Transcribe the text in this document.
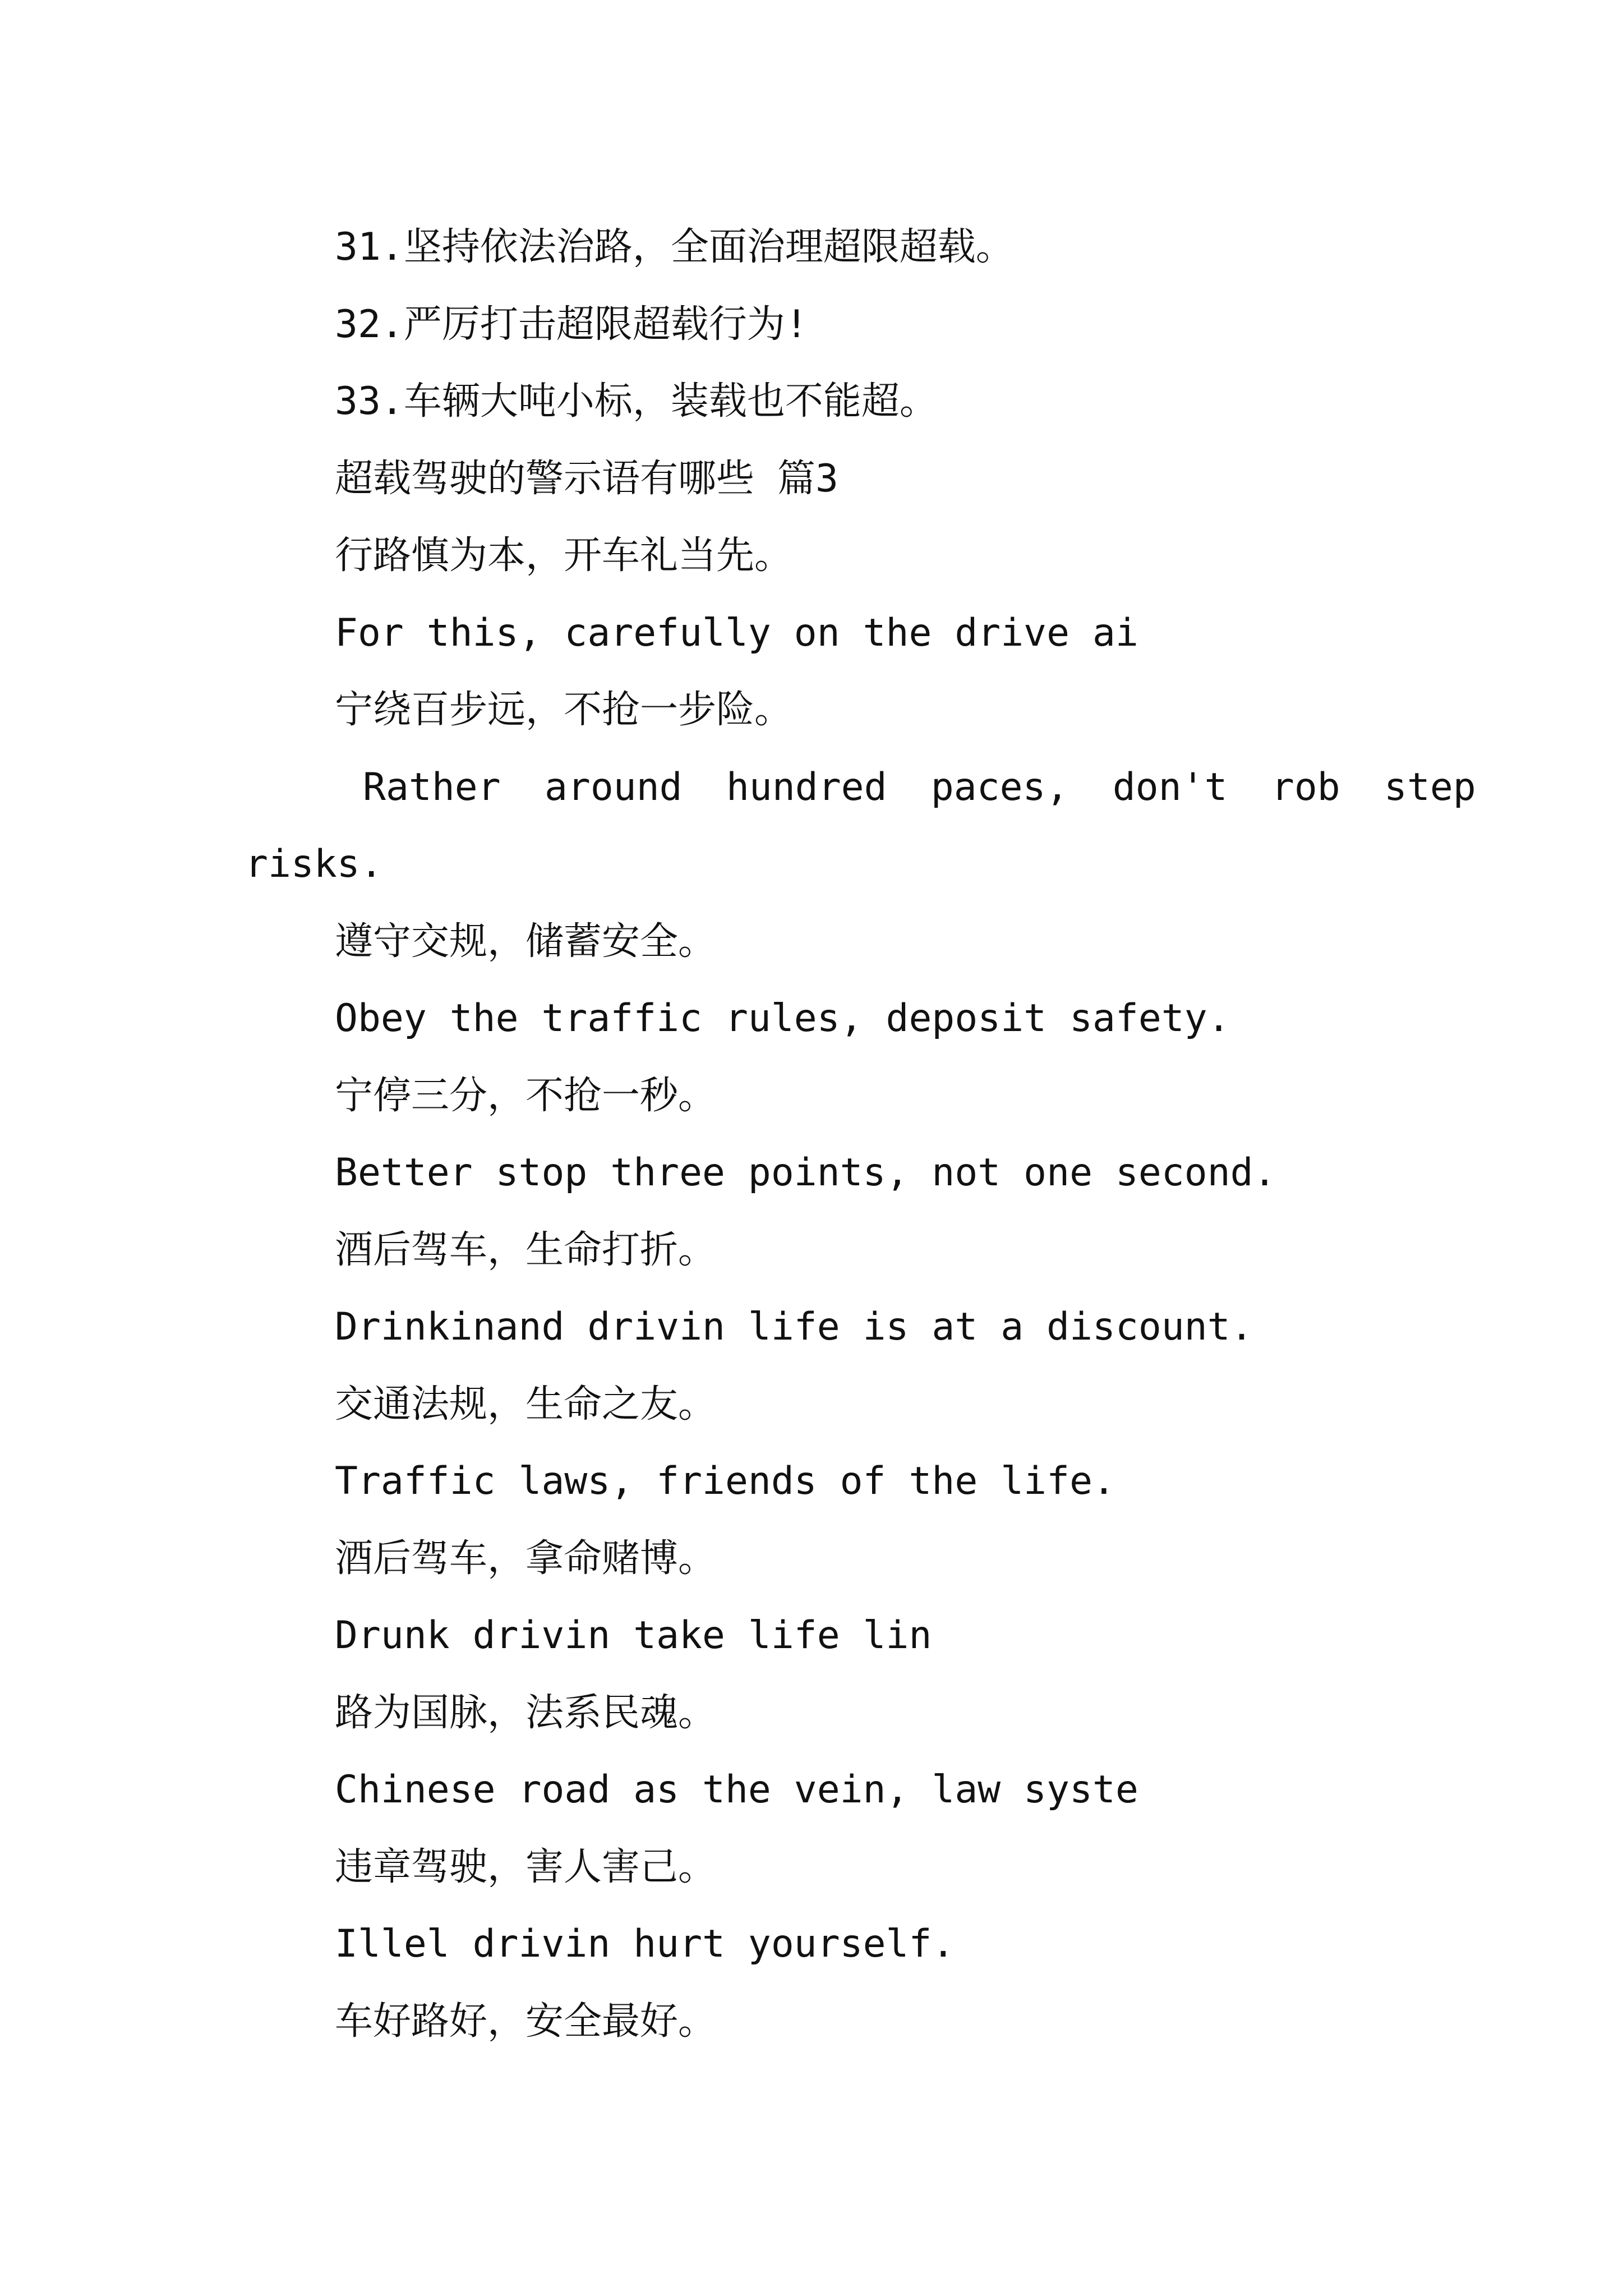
31.坚持依法治路，全面治理超限超载。
32.严厉打击超限超载行为!
33.车辆大吨小标，装载也不能超。
超载驾驶的警示语有哪些 篇3
行路慎为本，开车礼当先。
For this, carefully on the drive ai
宁绕百步远，不抢一步险。
Rather around hundred paces, don't rob step
risks.
遵守交规，储蓄安全。
Obey the traffic rules, deposit safety.
宁停三分，不抢一秒。
Better stop three points, not one second.
酒后驾车，生命打折。
Drinkinand drivin life is at a discount.
交通法规，生命之友。
Traffic laws, friends of the life.
酒后驾车，拿命赌博。
Drunk drivin take life lin
路为国脉，法系民魂。
Chinese road as the vein, law syste
违章驾驶，害人害己。
Illel drivin hurt yourself.
车好路好，安全最好。
